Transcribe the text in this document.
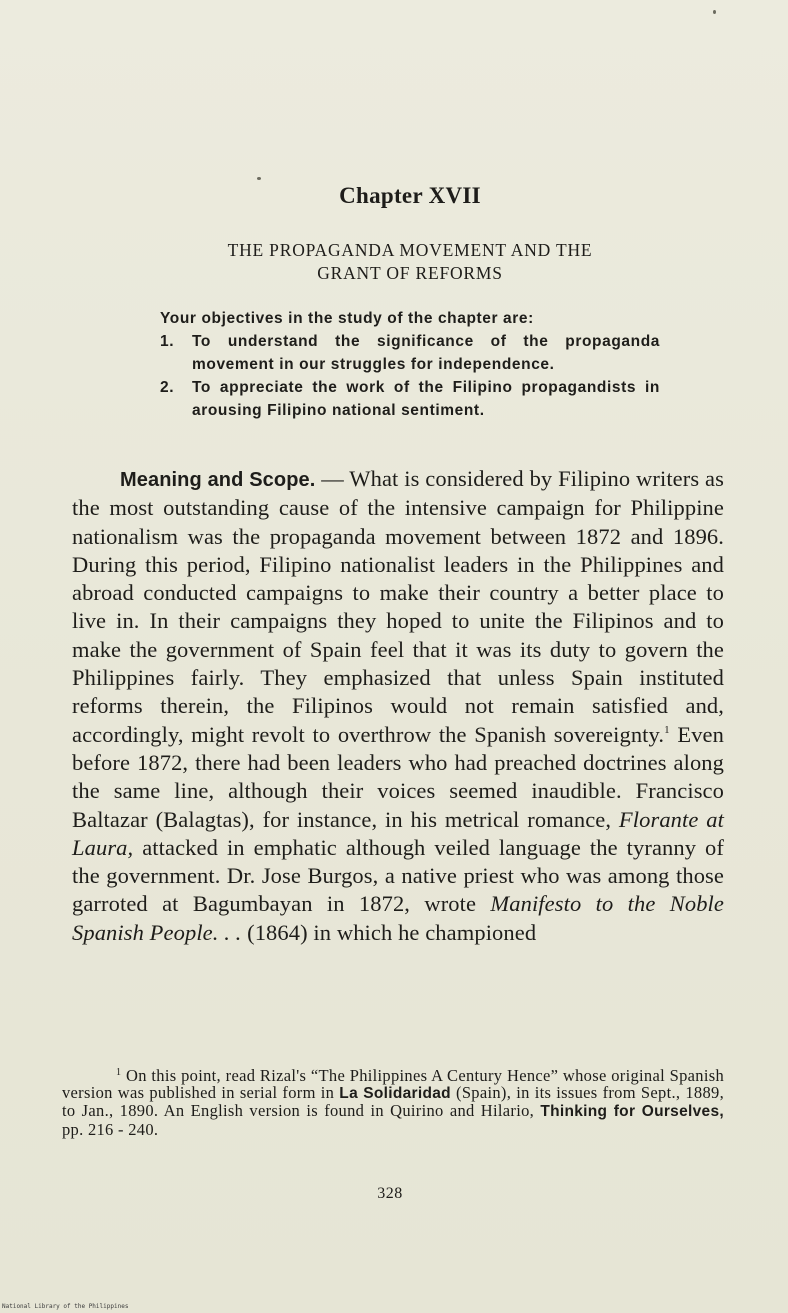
Chapter XVII
THE PROPAGANDA MOVEMENT AND THE
GRANT OF REFORMS

Your objectives in the study of the chapter are:

1. To understand the significance of the propaganda movement in our struggles for independence.
2. To appreciate the work of the Filipino propagandists in arousing Filipino national sentiment.

Meaning and Scope. — What is considered by Filipino writers as the most outstanding cause of the intensive campaign for Philippine nationalism was the propaganda movement between 1872 and 1896. During this period, Filipino nationalist leaders in the Philippines and abroad conducted campaigns to make their country a better place to live in. In their campaigns they hoped to unite the Filipinos and to make the government of Spain feel that it was its duty to govern the Philippines fairly. They emphasized that unless Spain instituted reforms therein, the Filipinos would not remain satisfied and, accordingly, might revolt to overthrow the Spanish sovereignty.$^1$ Even before 1872, there had been leaders who had preached doctrines along the same line, although their voices seemed inaudible. Francisco Baltazar (Balagtas), for instance, in his metrical romance, Florante at Laura, attacked in emphatic although veiled language the tyranny of the government. Dr. Jose Burgos, a native priest who was among those garroted at Bagumbayan in 1872, wrote Manifesto to the Noble Spanish People. . . (1864) in which he championed

$^1$ On this point, read Rizal's “The Philippines A Century Hence” whose original Spanish version was published in serial form in La Solidaridad (Spain), in its issues from Sept., 1889, to Jan., 1890. An English version is found in Quirino and Hilario, Thinking for Ourselves, pp. 216 - 240.

328
National Library of the Philippines
